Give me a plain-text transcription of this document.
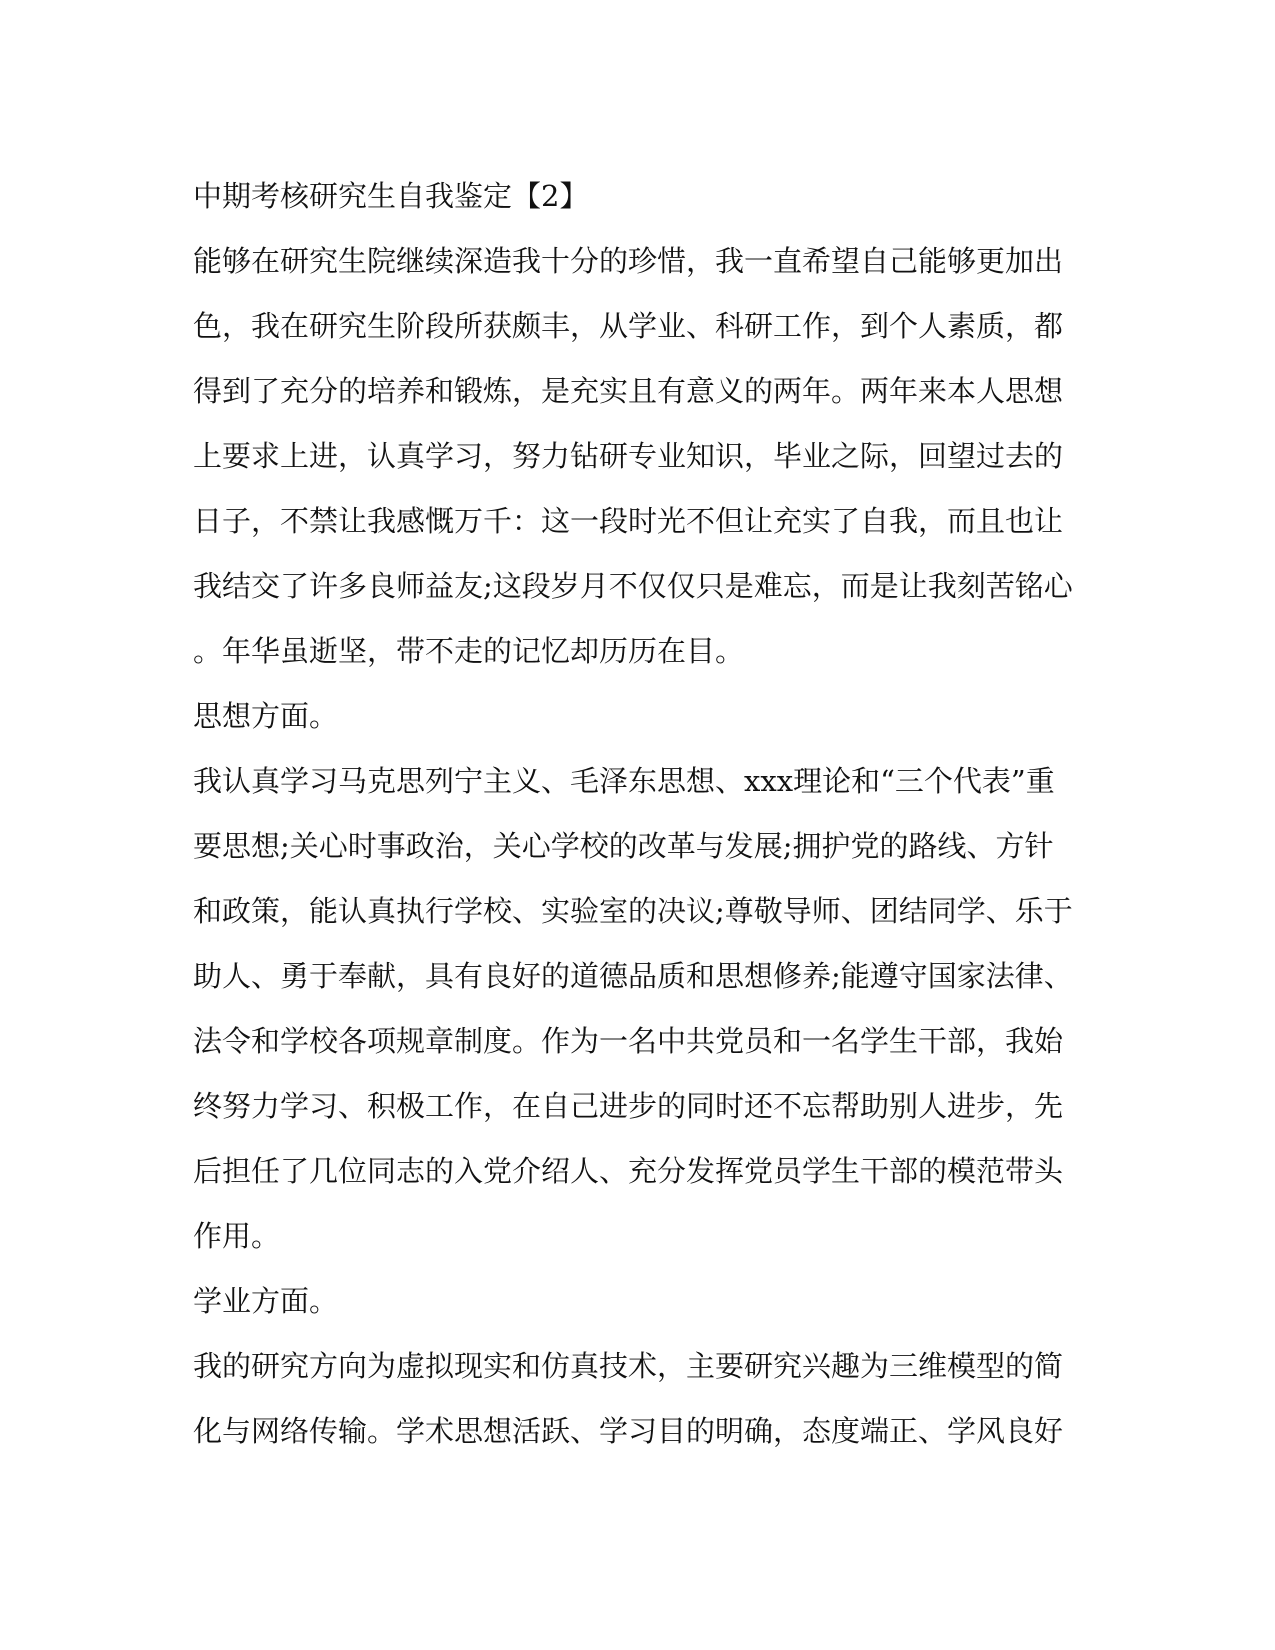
中期考核研究生自我鉴定【2】
能够在研究生院继续深造我十分的珍惜，我一直希望自己能够更加出
色，我在研究生阶段所获颇丰，从学业、科研工作，到个人素质，都
得到了充分的培养和锻炼，是充实且有意义的两年。两年来本人思想
上要求上进，认真学习，努力钻研专业知识，毕业之际，回望过去的
日子，不禁让我感慨万千：这一段时光不但让充实了自我，而且也让
我结交了许多良师益友;这段岁月不仅仅只是难忘，而是让我刻苦铭心
。年华虽逝坚，带不走的记忆却历历在目。
思想方面。
我认真学习马克思列宁主义、毛泽东思想、xxx理论和“三个代表”重
要思想;关心时事政治，关心学校的改革与发展;拥护党的路线、方针
和政策，能认真执行学校、实验室的决议;尊敬导师、团结同学、乐于
助人、勇于奉献，具有良好的道德品质和思想修养;能遵守国家法律、
法令和学校各项规章制度。作为一名中共党员和一名学生干部，我始
终努力学习、积极工作，在自己进步的同时还不忘帮助别人进步，先
后担任了几位同志的入党介绍人、充分发挥党员学生干部的模范带头
作用。
学业方面。
我的研究方向为虚拟现实和仿真技术，主要研究兴趣为三维模型的简
化与网络传输。学术思想活跃、学习目的明确，态度端正、学风良好
